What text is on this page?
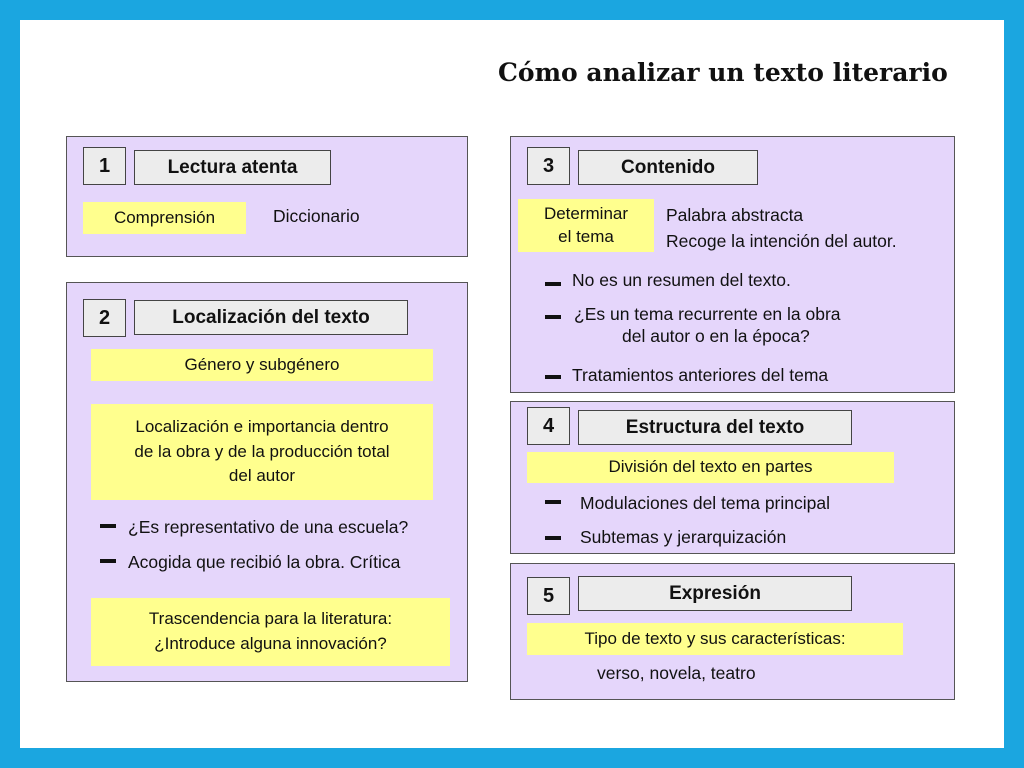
Cómo analizar un texto literario
1	Lectura atenta
Comprensión	Diccionario
2	Localización del texto
Género y subgénero
Localización e importancia dentro
de la obra y de la producción total
del autor
¿Es representativo de una escuela?
Acogida que recibió la obra. Crítica
Trascendencia para la literatura:
¿Introduce alguna innovación?
3	Contenido
Determinar
el tema
Palabra abstracta
Recoge la intención del autor.
No es un resumen del texto.
¿Es un tema recurrente en la obra
del autor o en la época?
Tratamientos anteriores del tema
4	Estructura del texto
División del texto en partes
Modulaciones del tema principal
Subtemas y jerarquización
5	Expresión
Tipo de texto y sus características:
verso, novela, teatro
